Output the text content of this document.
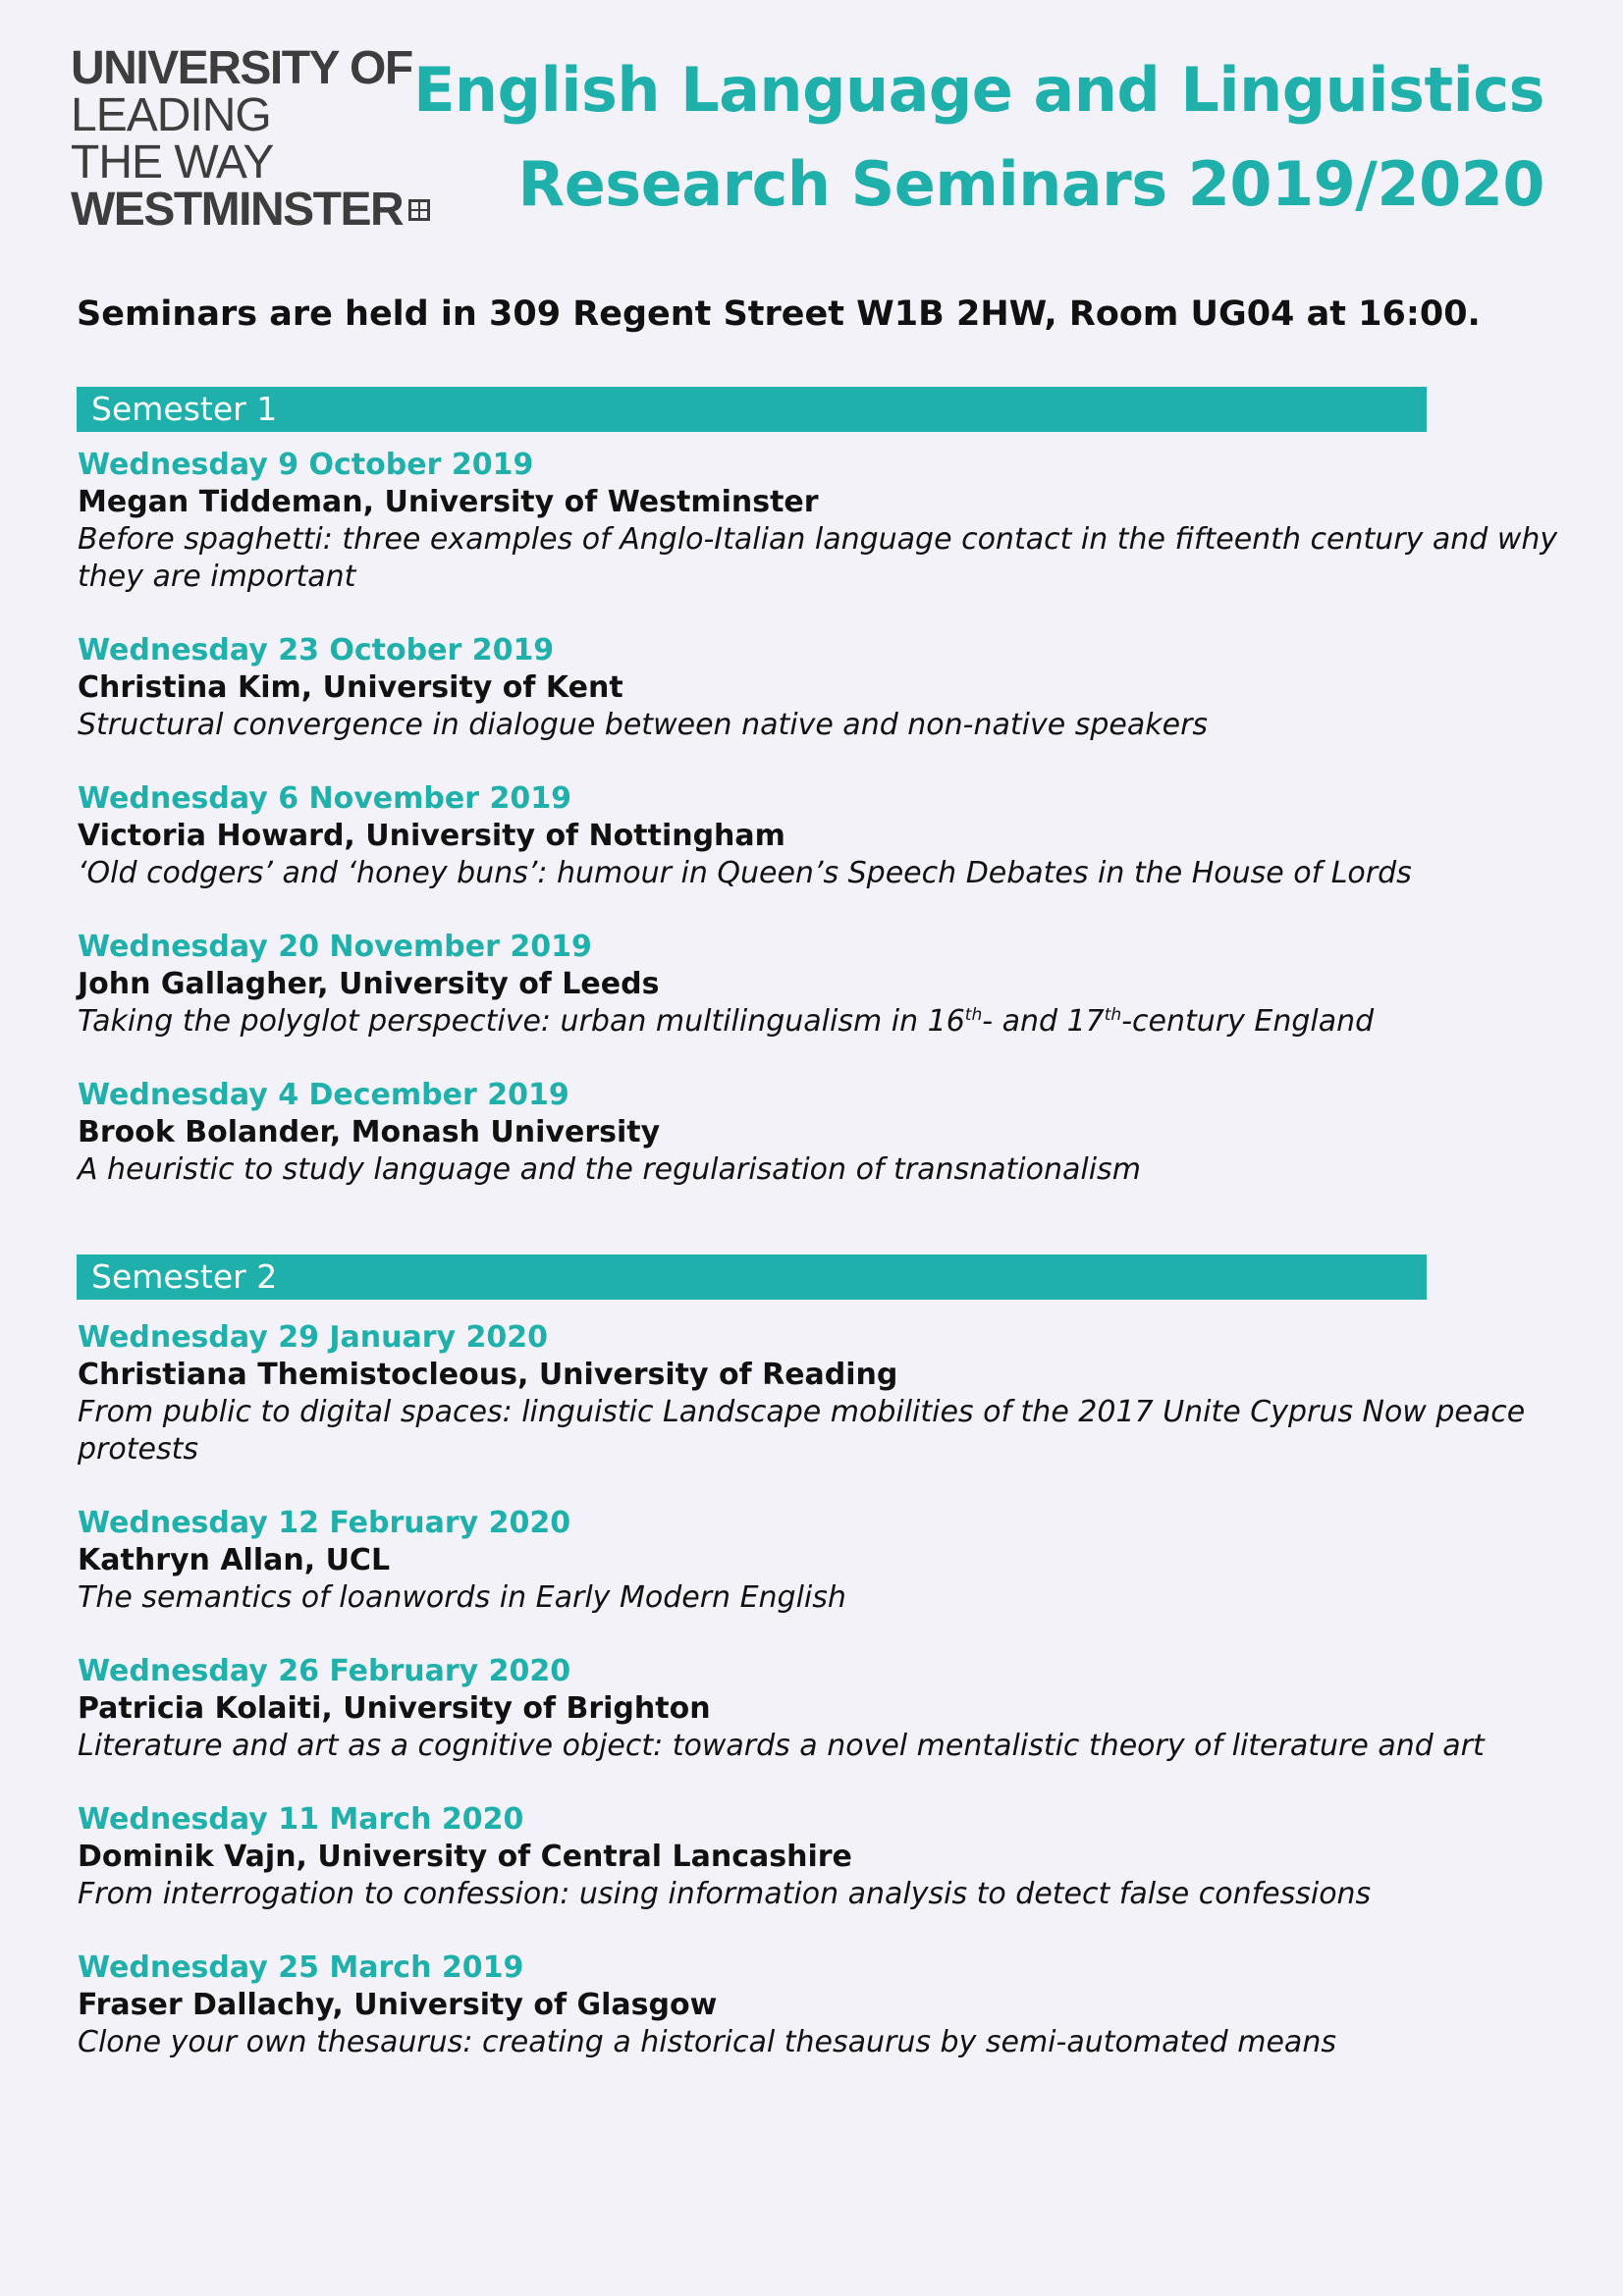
UNIVERSITY OF
LEADING
THE WAY
WESTMINSTER
English Language and Linguistics
Research Seminars 2019/2020
Seminars are held in 309 Regent Street W1B 2HW, Room UG04 at 16:00.
Semester 1
Wednesday 9 October 2019
Megan Tiddeman, University of Westminster
Before spaghetti: three examples of Anglo-Italian language contact in the fifteenth century and why they are important
Wednesday 23 October 2019
Christina Kim, University of Kent
Structural convergence in dialogue between native and non-native speakers
Wednesday 6 November 2019
Victoria Howard, University of Nottingham
‘Old codgers’ and ‘honey buns’: humour in Queen’s Speech Debates in the House of Lords
Wednesday 20 November 2019
John Gallagher, University of Leeds
Taking the polyglot perspective: urban multilingualism in 16th- and 17th-century England
Wednesday 4 December 2019
Brook Bolander, Monash University
A heuristic to study language and the regularisation of transnationalism
Semester 2
Wednesday 29 January 2020
Christiana Themistocleous, University of Reading
From public to digital spaces: linguistic Landscape mobilities of the 2017 Unite Cyprus Now peace protests
Wednesday 12 February 2020
Kathryn Allan, UCL
The semantics of loanwords in Early Modern English
Wednesday 26 February 2020
Patricia Kolaiti, University of Brighton
Literature and art as a cognitive object: towards a novel mentalistic theory of literature and art
Wednesday 11 March 2020
Dominik Vajn, University of Central Lancashire
From interrogation to confession: using information analysis to detect false confessions
Wednesday 25 March 2019
Fraser Dallachy, University of Glasgow
Clone your own thesaurus: creating a historical thesaurus by semi-automated means
